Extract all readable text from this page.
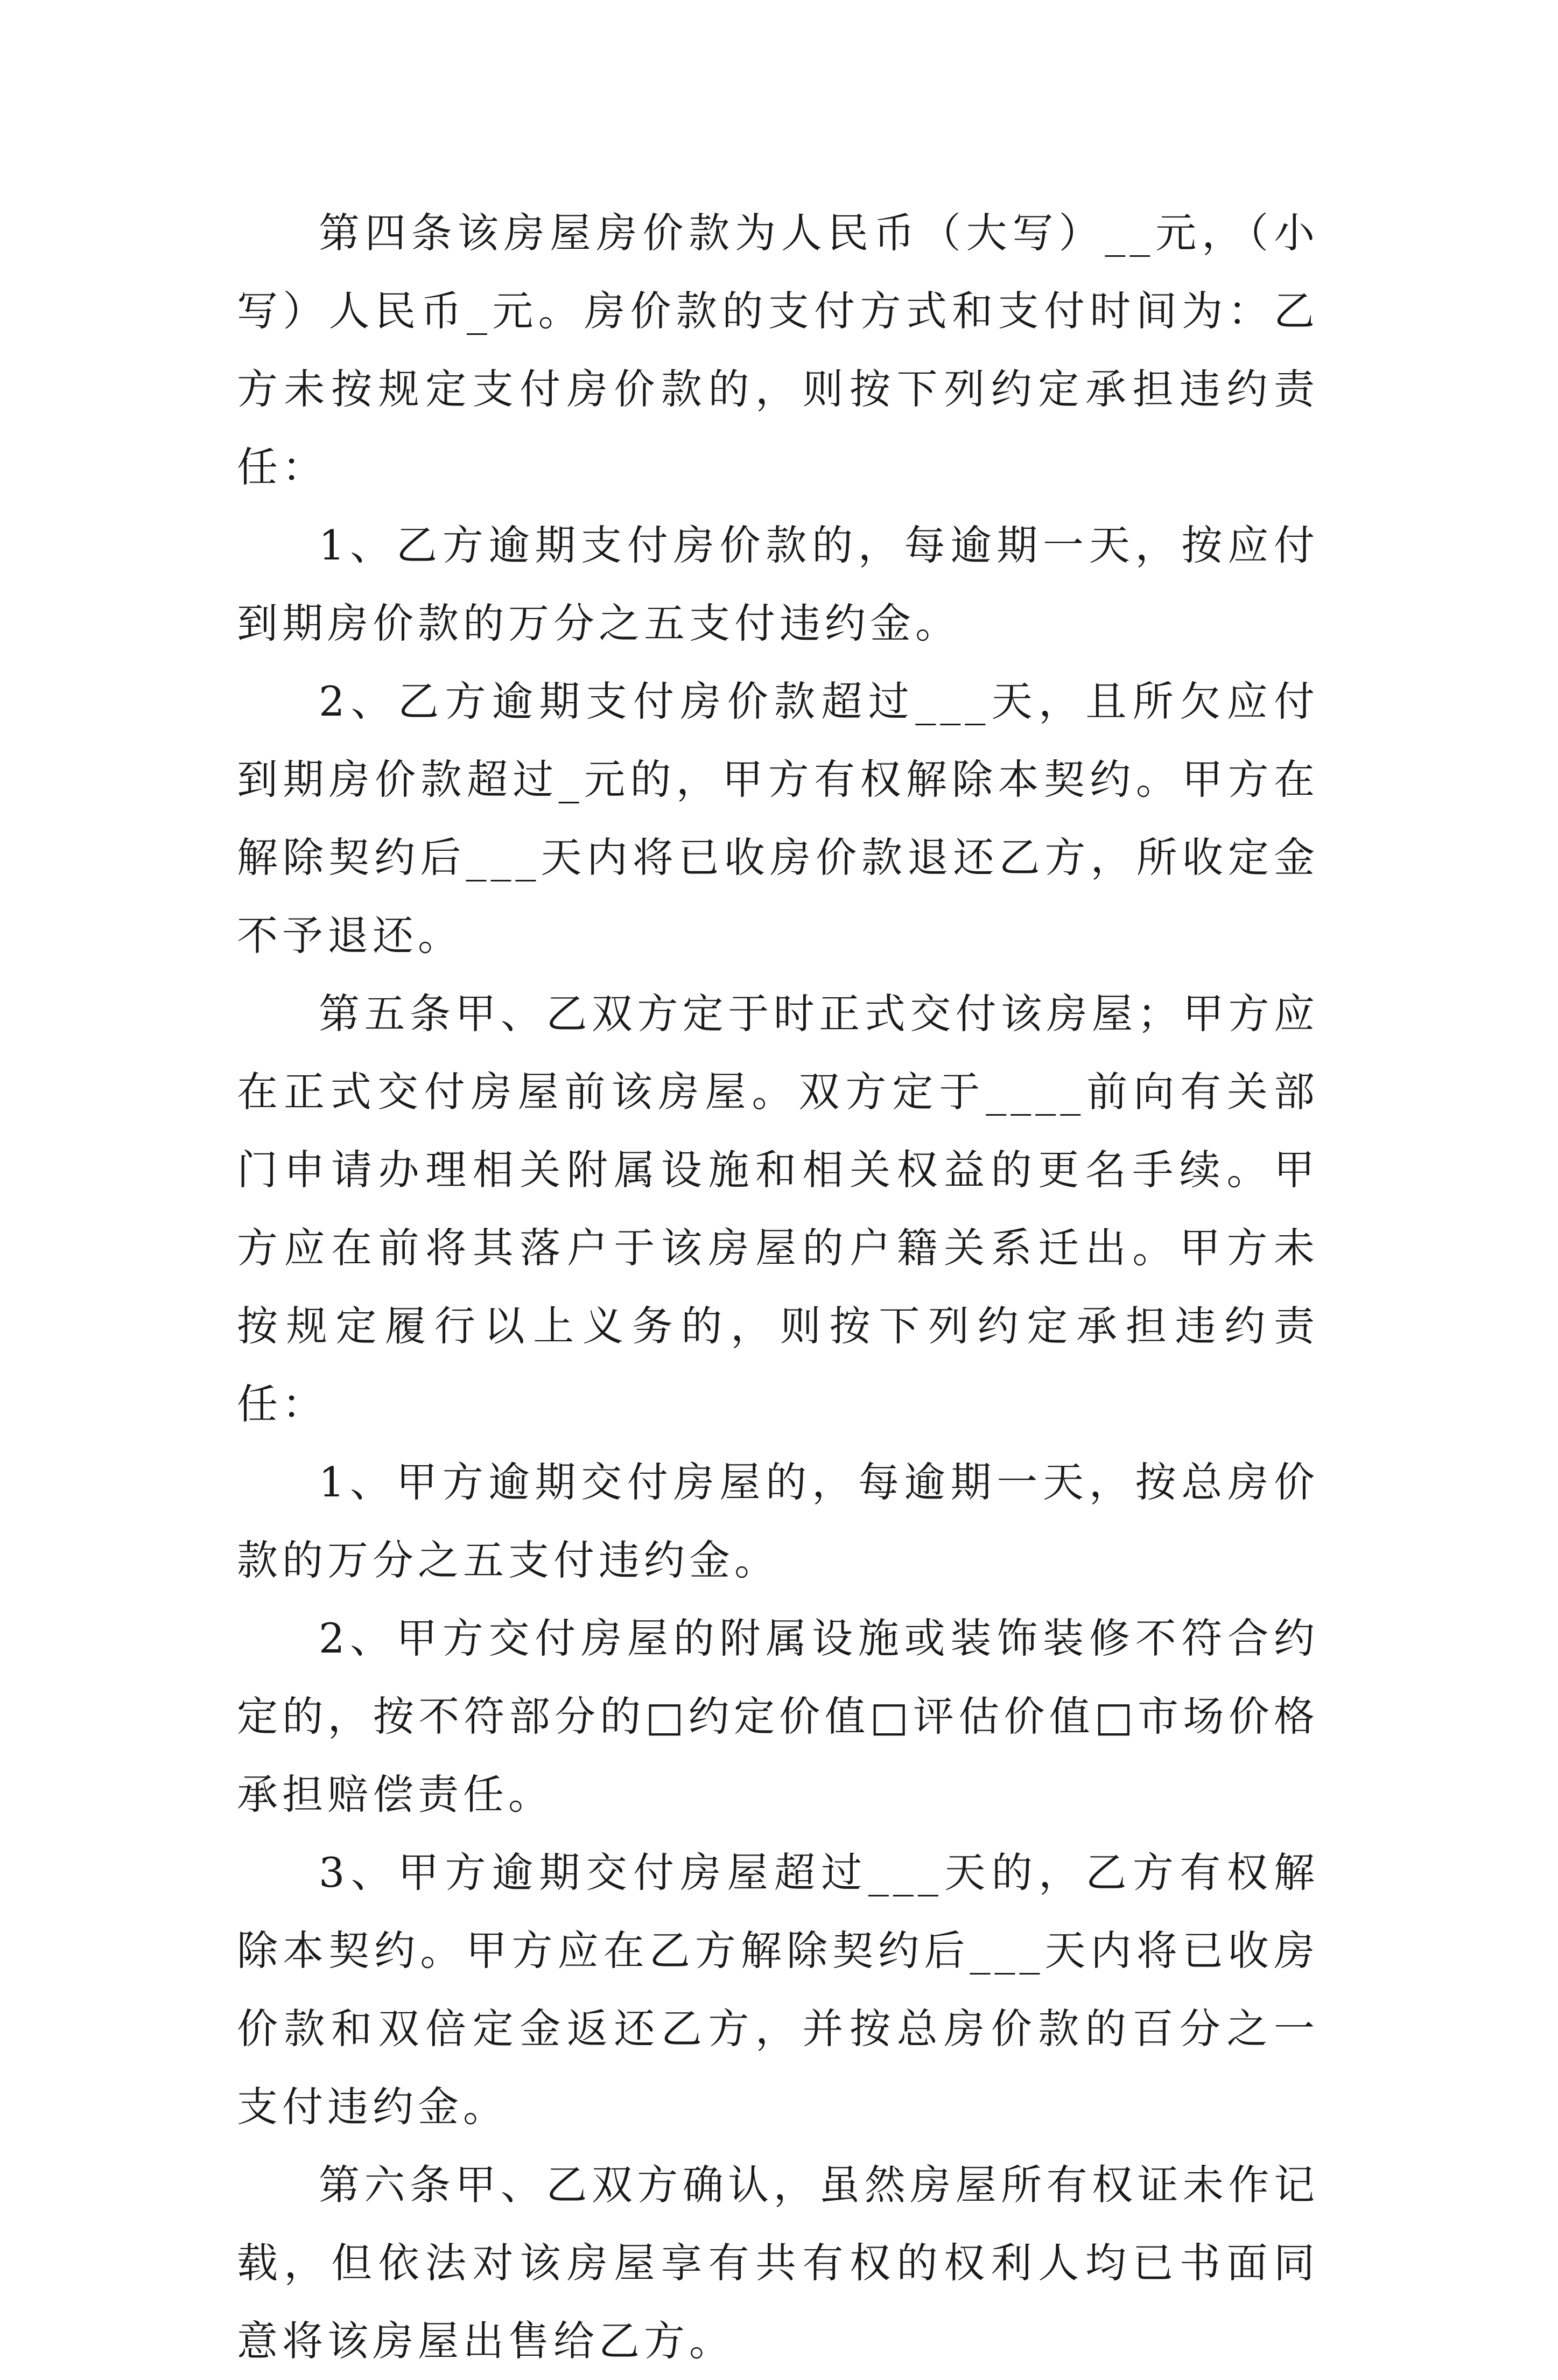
第四条该房屋房价款为人民币（大写）__元，（小写）人民币_元。房价款的支付方式和支付时间为：乙方未按规定支付房价款的，则按下列约定承担违约责任：

1、乙方逾期支付房价款的，每逾期一天，按应付到期房价款的万分之五支付违约金。

2、乙方逾期支付房价款超过___天，且所欠应付到期房价款超过_元的，甲方有权解除本契约。甲方在解除契约后___天内将已收房价款退还乙方，所收定金不予退还。

第五条甲、乙双方定于时正式交付该房屋；甲方应在正式交付房屋前该房屋。双方定于____前向有关部门申请办理相关附属设施和相关权益的更名手续。甲方应在前将其落户于该房屋的户籍关系迁出。甲方未按规定履行以上义务的，则按下列约定承担违约责任：

1、甲方逾期交付房屋的，每逾期一天，按总房价款的万分之五支付违约金。

2、甲方交付房屋的附属设施或装饰装修不符合约定的，按不符部分的□约定价值□评估价值□市场价格承担赔偿责任。

3、甲方逾期交付房屋超过___天的，乙方有权解除本契约。甲方应在乙方解除契约后___天内将已收房价款和双倍定金返还乙方，并按总房价款的百分之一支付违约金。

第六条甲、乙双方确认，虽然房屋所有权证未作记载，但依法对该房屋享有共有权的权利人均已书面同意将该房屋出售给乙方。
